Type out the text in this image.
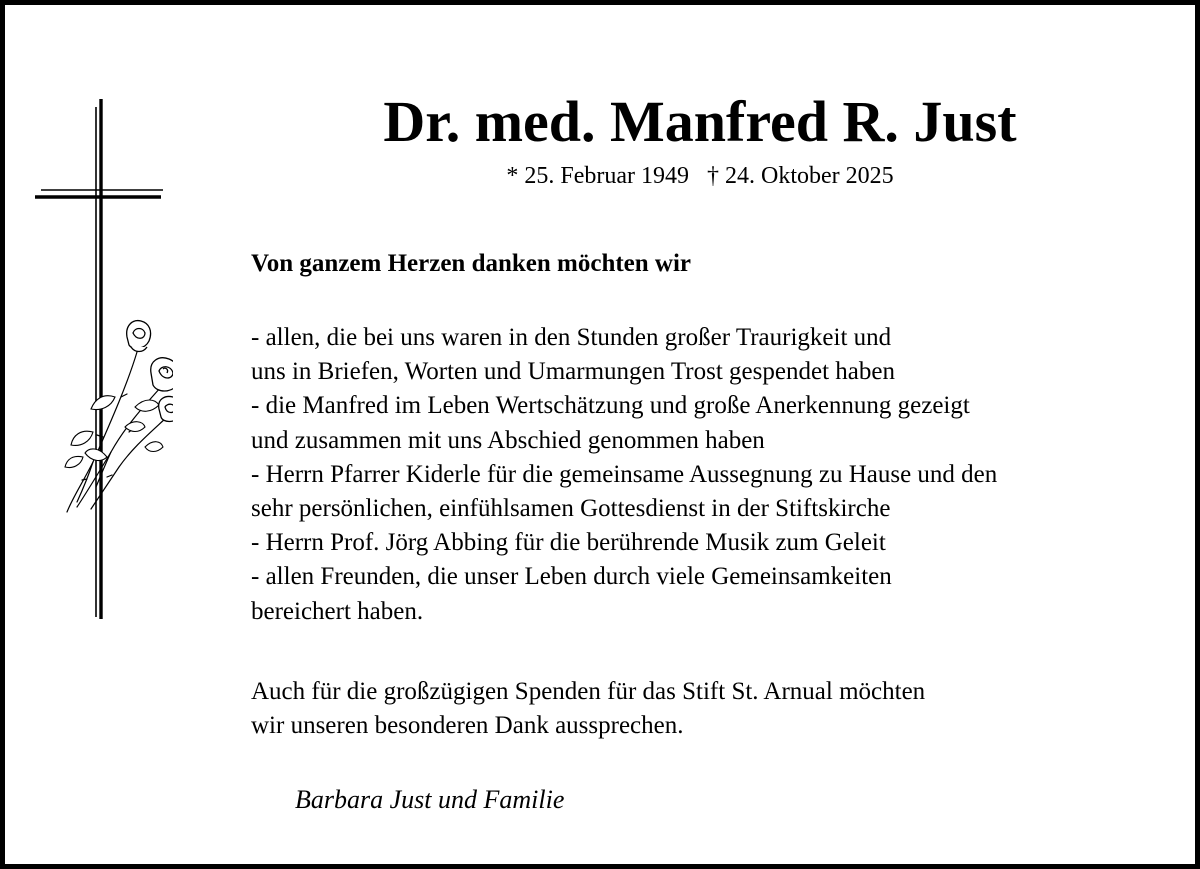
Dr. med. Manfred R. Just
* 25. Februar 1949   † 24. Oktober 2025
Von ganzem Herzen danken möchten wir
- allen, die bei uns waren in den Stunden großer Traurigkeit und
uns in Briefen, Worten und Umarmungen Trost gespendet haben
- die Manfred im Leben Wertschätzung und große Anerkennung gezeigt
und zusammen mit uns Abschied genommen haben
- Herrn Pfarrer Kiderle für die gemeinsame Aussegnung zu Hause und den
sehr persönlichen, einfühlsamen Gottesdienst in der Stiftskirche
- Herrn Prof. Jörg Abbing für die berührende Musik zum Geleit
- allen Freunden, die unser Leben durch viele Gemeinsamkeiten
bereichert haben.
Auch für die großzügigen Spenden für das Stift St. Arnual möchten
wir unseren besonderen Dank aussprechen.
Barbara Just und Familie
